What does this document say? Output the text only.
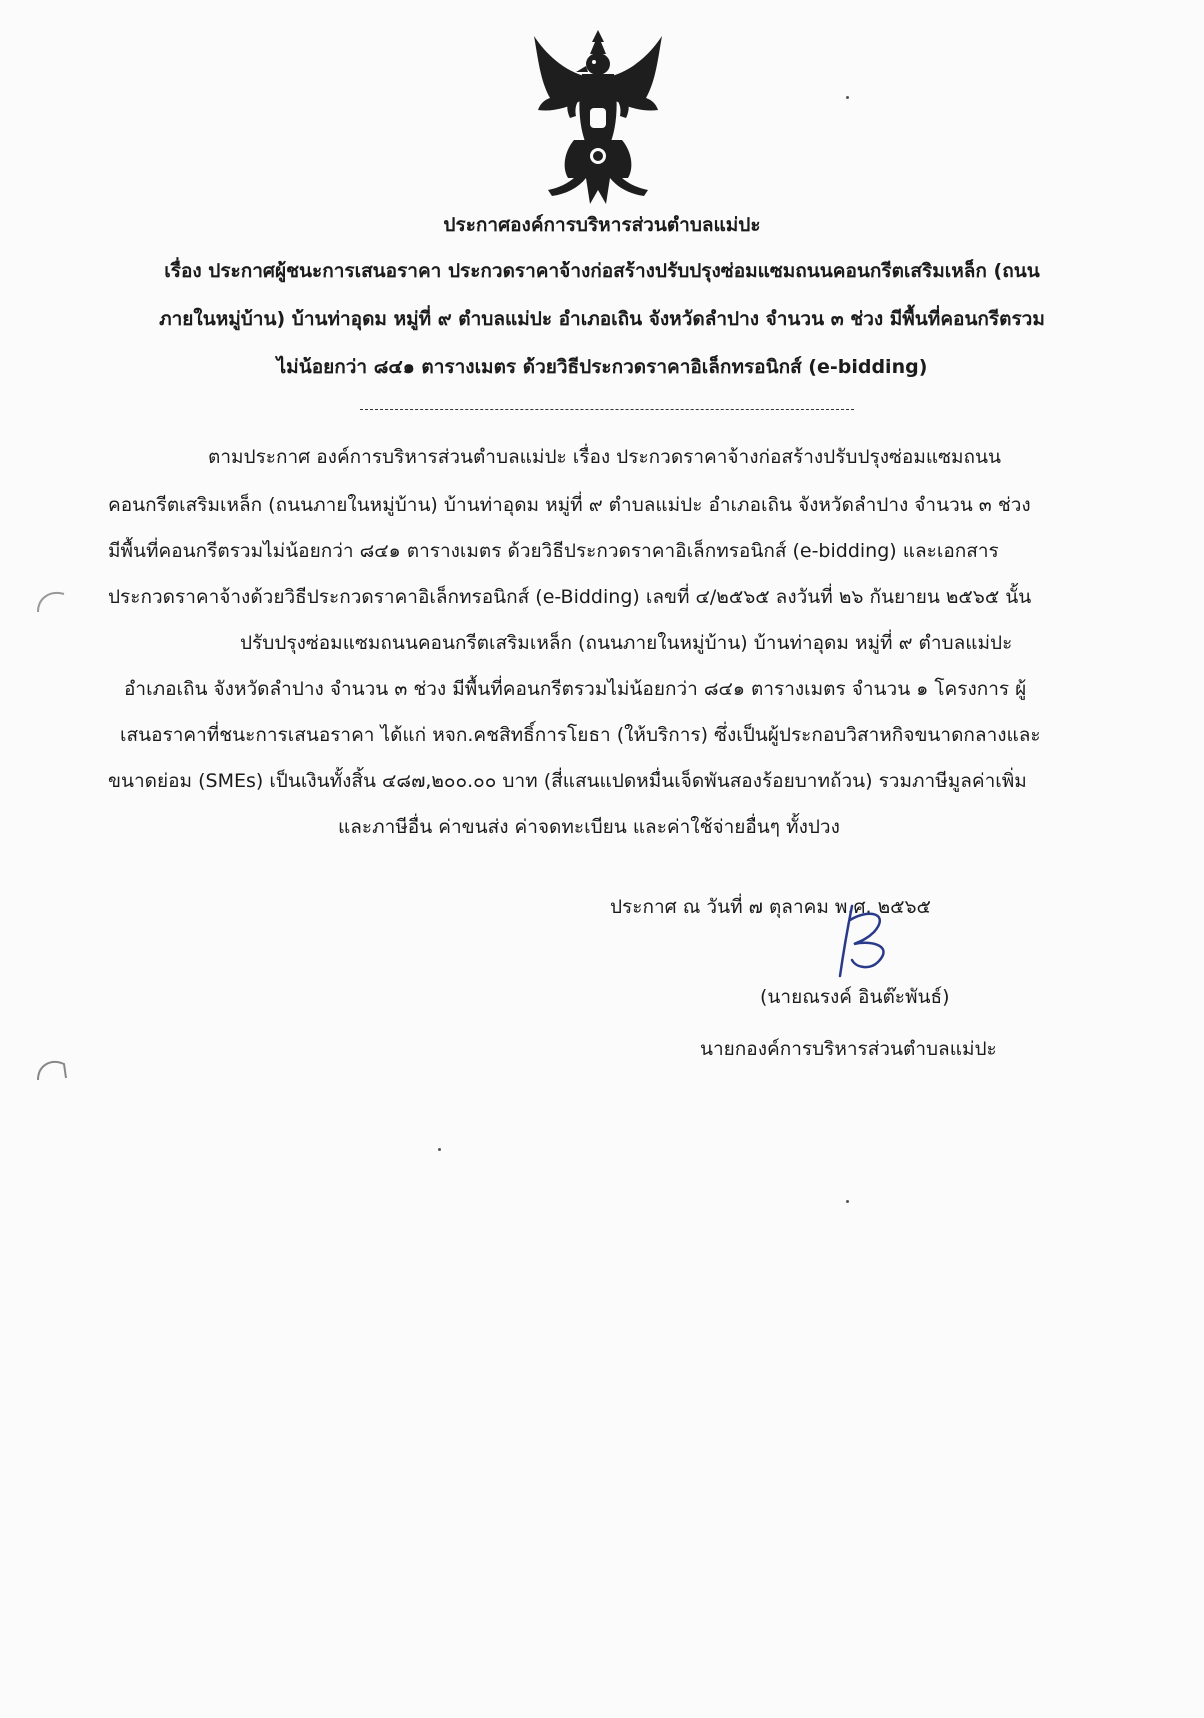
ประกาศองค์การบริหารส่วนตำบลแม่ปะ
เรื่อง ประกาศผู้ชนะการเสนอราคา ประกวดราคาจ้างก่อสร้างปรับปรุงซ่อมแซมถนนคอนกรีตเสริมเหล็ก (ถนน
ภายในหมู่บ้าน) บ้านท่าอุดม หมู่ที่ ๙ ตำบลแม่ปะ อำเภอเถิน จังหวัดลำปาง จำนวน ๓ ช่วง มีพื้นที่คอนกรีตรวม
ไม่น้อยกว่า ๘๔๑ ตารางเมตร ด้วยวิธีประกวดราคาอิเล็กทรอนิกส์ (e-bidding)
ตามประกาศ องค์การบริหารส่วนตำบลแม่ปะ เรื่อง ประกวดราคาจ้างก่อสร้างปรับปรุงซ่อมแซมถนน
คอนกรีตเสริมเหล็ก (ถนนภายในหมู่บ้าน) บ้านท่าอุดม หมู่ที่ ๙ ตำบลแม่ปะ อำเภอเถิน จังหวัดลำปาง จำนวน ๓ ช่วง
มีพื้นที่คอนกรีตรวมไม่น้อยกว่า ๘๔๑ ตารางเมตร ด้วยวิธีประกวดราคาอิเล็กทรอนิกส์ (e-bidding) และเอกสาร
ประกวดราคาจ้างด้วยวิธีประกวดราคาอิเล็กทรอนิกส์ (e-Bidding) เลขที่ ๔/๒๕๖๕ ลงวันที่ ๒๖ กันยายน ๒๕๖๕ นั้น
ปรับปรุงซ่อมแซมถนนคอนกรีตเสริมเหล็ก (ถนนภายในหมู่บ้าน) บ้านท่าอุดม หมู่ที่ ๙ ตำบลแม่ปะ
อำเภอเถิน จังหวัดลำปาง จำนวน ๓ ช่วง มีพื้นที่คอนกรีตรวมไม่น้อยกว่า ๘๔๑ ตารางเมตร จำนวน ๑ โครงการ ผู้
เสนอราคาที่ชนะการเสนอราคา ได้แก่ หจก.คชสิทธิ์การโยธา (ให้บริการ) ซึ่งเป็นผู้ประกอบวิสาหกิจขนาดกลางและ
ขนาดย่อม (SMEs) เป็นเงินทั้งสิ้น ๔๘๗,๒๐๐.๐๐ บาท (สี่แสนแปดหมื่นเจ็ดพันสองร้อยบาทถ้วน) รวมภาษีมูลค่าเพิ่ม
และภาษีอื่น ค่าขนส่ง ค่าจดทะเบียน และค่าใช้จ่ายอื่นๆ ทั้งปวง
ประกาศ ณ วันที่ ๗ ตุลาคม พ.ศ. ๒๕๖๕
(นายณรงค์ อินต๊ะพันธ์)
นายกองค์การบริหารส่วนตำบลแม่ปะ
